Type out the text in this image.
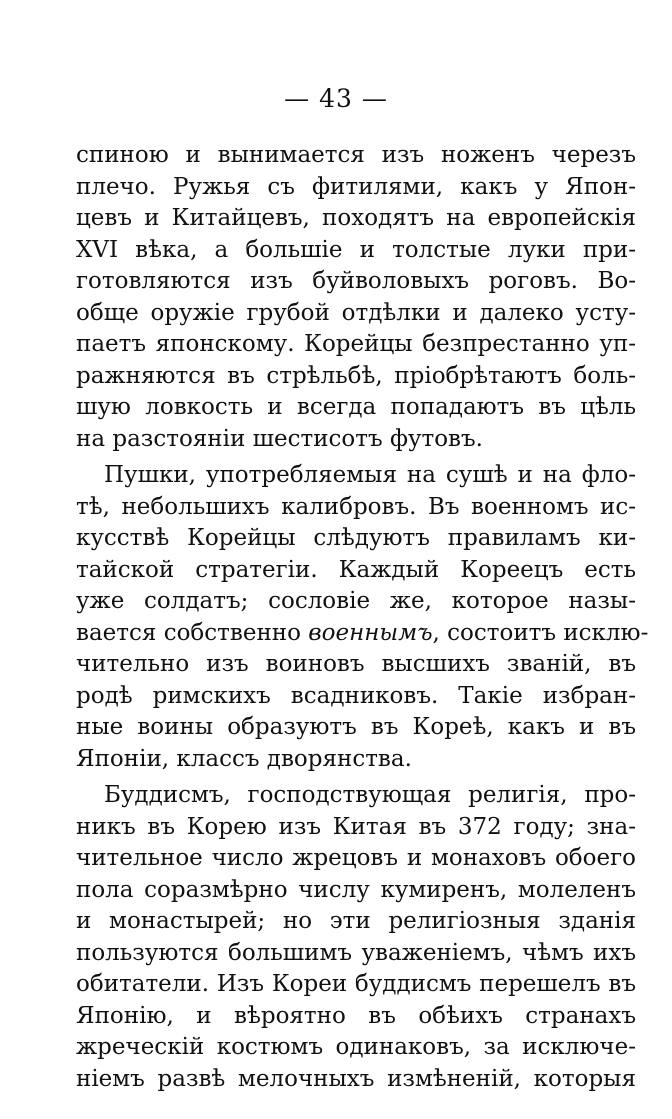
— 43 —
спиною и вынимается изъ ноженъ черезъ
плечо. Ружья съ фитилями, какъ у Япон-
цевъ и Китайцевъ, походятъ на европейскія
XVI вѣка, а большіе и толстые луки при-
готовляются изъ буйволовыхъ роговъ. Во-
обще оружіе грубой отдѣлки и далеко усту-
паетъ японскому. Корейцы безпрестанно уп-
ражняются въ стрѣльбѣ, пріобрѣтаютъ боль-
шую ловкость и всегда попадаютъ въ цѣль
на разстояніи шестисотъ футовъ.
Пушки, употребляемыя на сушѣ и на фло-
тѣ, небольшихъ калибровъ. Въ военномъ ис-
кусствѣ Корейцы слѣдуютъ правиламъ ки-
тайской стратегіи. Каждый Кореецъ есть
уже солдатъ; сословіе же, которое назы-
вается собственно военнымъ, состоитъ исклю-
чительно изъ воиновъ высшихъ званій, въ
родѣ римскихъ всадниковъ. Такіе избран-
ные воины образуютъ въ Кореѣ, какъ и въ
Японіи, классъ дворянства.
Буддисмъ, господствующая религія, про-
никъ въ Корею изъ Китая въ 372 году; зна-
чительное число жрецовъ и монаховъ обоего
пола соразмѣрно числу кумиренъ, молеленъ
и монастырей; но эти религіозныя зданія
пользуются большимъ уваженіемъ, чѣмъ ихъ
обитатели. Изъ Кореи буддисмъ перешелъ въ
Японію, и вѣроятно въ обѣихъ странахъ
жреческій костюмъ одинаковъ, за исключе-
ніемъ развѣ мелочныхъ измѣненій, которыя
